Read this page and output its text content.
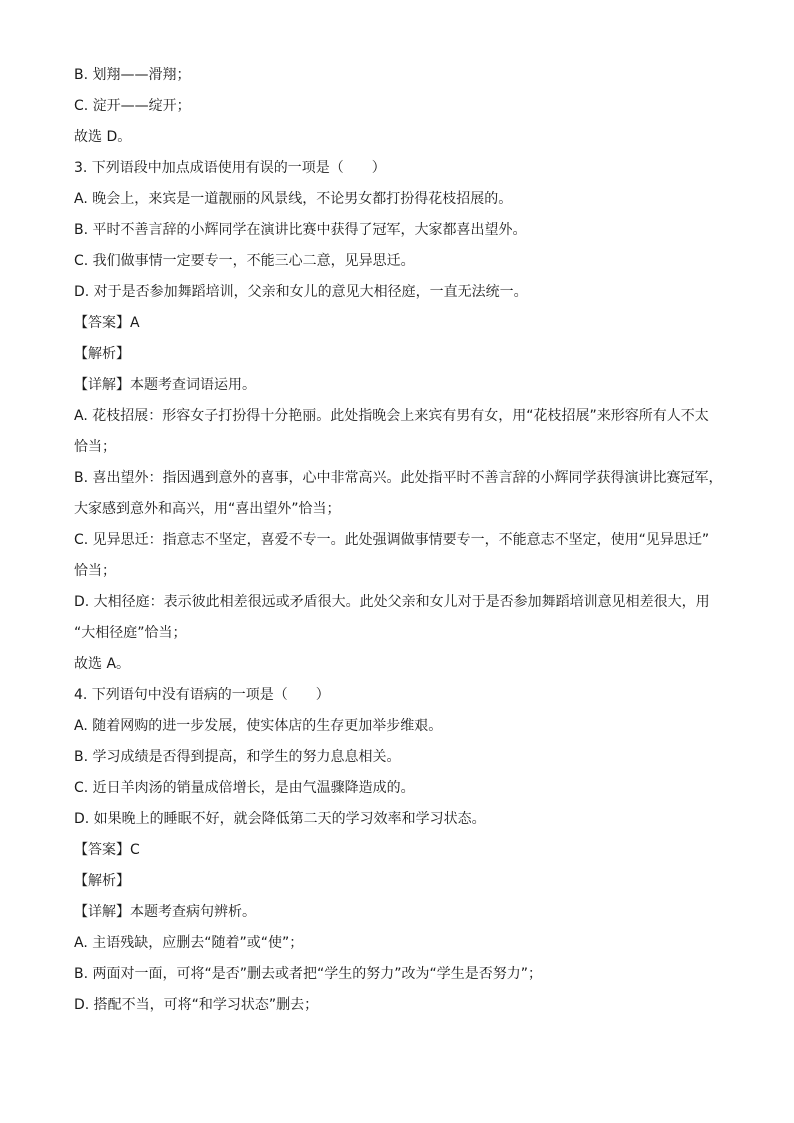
B. 划翔——滑翔；
C. 淀开——绽开；
故选 D。
3. 下列语段中加点成语使用有误的一项是（　　）
A. 晚会上，来宾是一道靓丽的风景线，不论男女都打扮得花枝招展的。
B. 平时不善言辞的小辉同学在演讲比赛中获得了冠军，大家都喜出望外。
C. 我们做事情一定要专一，不能三心二意，见异思迁。
D. 对于是否参加舞蹈培训，父亲和女儿的意见大相径庭，一直无法统一。
【答案】A
【解析】
【详解】本题考查词语运用。
A. 花枝招展：形容女子打扮得十分艳丽。此处指晚会上来宾有男有女，用“花枝招展”来形容所有人不太
恰当；
B. 喜出望外：指因遇到意外的喜事，心中非常高兴。此处指平时不善言辞的小辉同学获得演讲比赛冠军，
大家感到意外和高兴，用“喜出望外”恰当；
C. 见异思迁：指意志不坚定，喜爱不专一。此处强调做事情要专一，不能意志不坚定，使用“见异思迁”
恰当；
D. 大相径庭：表示彼此相差很远或矛盾很大。此处父亲和女儿对于是否参加舞蹈培训意见相差很大，用
“大相径庭”恰当；
故选 A。
4. 下列语句中没有语病的一项是（　　）
A. 随着网购的进一步发展，使实体店的生存更加举步维艰。
B. 学习成绩是否得到提高，和学生的努力息息相关。
C. 近日羊肉汤的销量成倍增长，是由气温骤降造成的。
D. 如果晚上的睡眠不好，就会降低第二天的学习效率和学习状态。
【答案】C
【解析】
【详解】本题考查病句辨析。
A. 主语残缺，应删去“随着”或“使”；
B. 两面对一面，可将“是否”删去或者把“学生的努力”改为“学生是否努力”；
D. 搭配不当，可将“和学习状态”删去；
